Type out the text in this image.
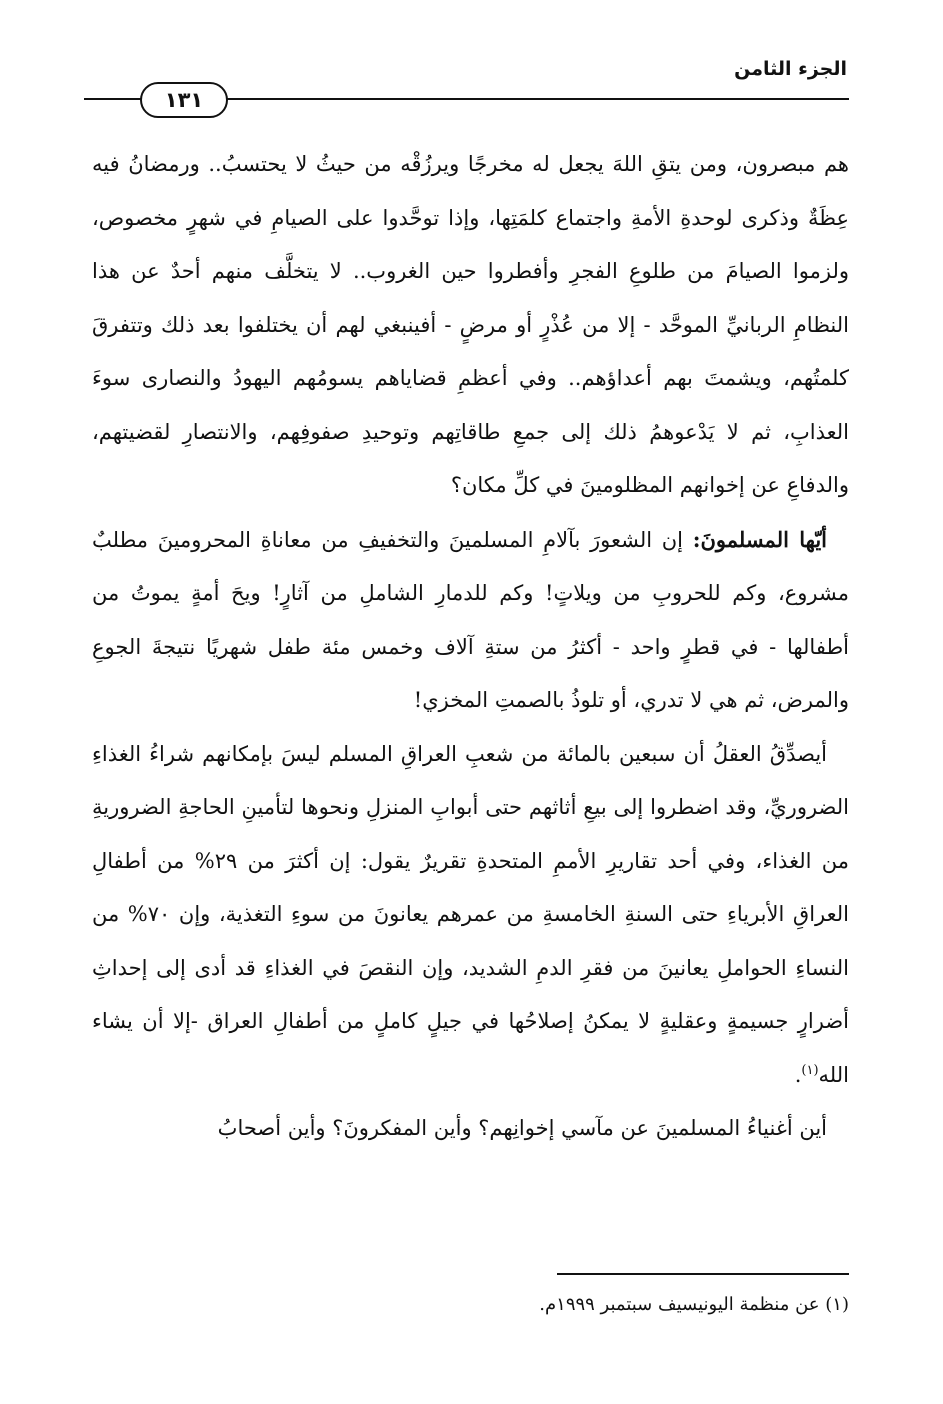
الجزء الثامن
١٣١

هم مبصرون، ومن يتقِ اللهَ يجعل له مخرجًا ويرزُقْه من حيثُ لا يحتسبُ.. ورمضانُ فيه عِظَةٌ وذكرى لوحدةِ الأمةِ واجتماع كلمَتِها، وإذا توحَّدوا على الصيامِ في شهرٍ مخصوص، ولزموا الصيامَ من طلوعِ الفجرِ وأفطروا حين الغروب.. لا يتخلَّف منهم أحدٌ عن هذا النظامِ الربانيِّ الموحَّد - إلا من عُذْرٍ أو مرضٍ - أفينبغي لهم أن يختلفوا بعد ذلك وتتفرقَ كلمتُهم، ويشمتَ بهم أعداؤهم.. وفي أعظمِ قضاياهم يسومُهم اليهودُ والنصارى سوءَ العذابِ، ثم لا يَدْعوهمُ ذلك إلى جمعِ طاقاتِهم وتوحيدِ صفوفِهم، والانتصارِ لقضيتهم، والدفاعِ عن إخوانهم المظلومينَ في كلِّ مكان؟

أيّها المسلمونَ: إن الشعورَ بآلامِ المسلمينَ والتخفيفِ من معاناةِ المحرومينَ مطلبٌ مشروع، وكم للحروبِ من ويلاتٍ! وكم للدمارِ الشاملِ من آثارٍ! ويحَ أمةٍ يموتُ من أطفالها - في قطرٍ واحد - أكثرُ من ستةِ آلاف وخمس مئة طفل شهريًا نتيجةَ الجوعِ والمرض، ثم هي لا تدري، أو تلوذُ بالصمتِ المخزي!

أيصدِّقُ العقلُ أن سبعين بالمائة من شعبِ العراقِ المسلم ليسَ بإمكانهم شراءُ الغذاءِ الضروريِّ، وقد اضطروا إلى بيعِ أثاثهم حتى أبوابِ المنزلِ ونحوها لتأمينِ الحاجةِ الضروريةِ من الغذاء، وفي أحد تقاريرِ الأممِ المتحدةِ تقريرٌ يقول: إن أكثرَ من ٢٩% من أطفالِ العراقِ الأبرياءِ حتى السنةِ الخامسةِ من عمرهم يعانونَ من سوءِ التغذية، وإن ٧٠% من النساءِ الحواملِ يعانينَ من فقرِ الدمِ الشديد، وإن النقصَ في الغذاءِ قد أدى إلى إحداثِ أضرارٍ جسيمةٍ وعقليةٍ لا يمكنُ إصلاحُها في جيلٍ كاملٍ من أطفالِ العراق -إلا أن يشاء الله$^{(١)}$.

أين أغنياءُ المسلمينَ عن مآسي إخوانِهم؟ وأين المفكرونَ؟ وأين أصحابُ

(١) عن منظمة اليونيسيف سبتمبر ١٩٩٩م.
